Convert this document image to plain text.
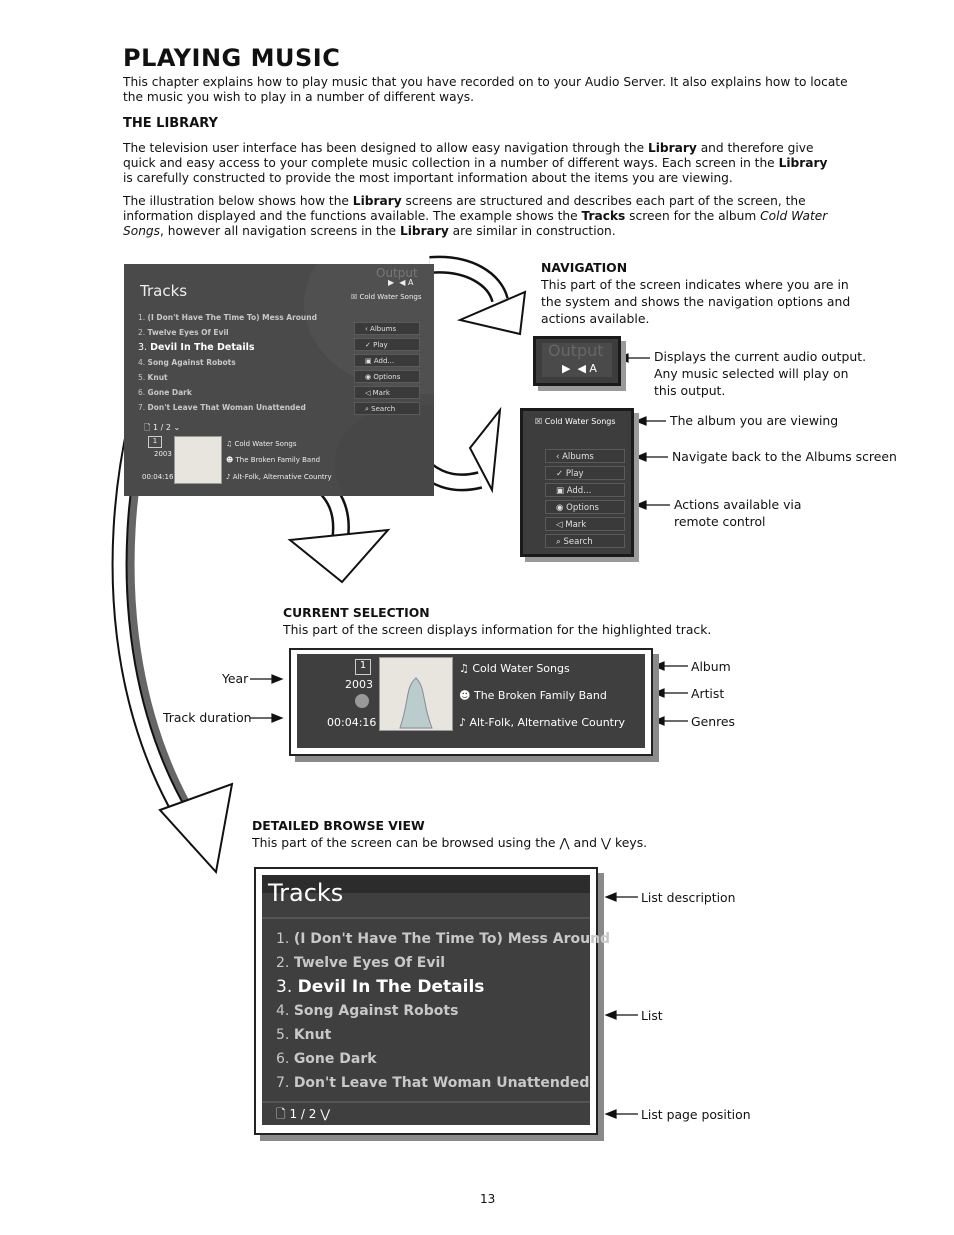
PLAYING MUSIC
This chapter explains how to play music that you have recorded on to your Audio Server. It also explains how to locate the music you wish to play in a number of different ways.
THE LIBRARY
The television user interface has been designed to allow easy navigation through the Library and therefore give quick and easy access to your complete music collection in a number of different ways. Each screen in the Library is carefully constructed to provide the most important information about the items you are viewing.
The illustration below shows how the Library screens are structured and describes each part of the screen, the information displayed and the functions available. The example shows the Tracks screen for the album Cold Water Songs, however all navigation screens in the Library are similar in construction.
Tracks
Output
▶  ◀ A
☒ Cold Water Songs
1. (I Don't Have The Time To) Mess Around
2. Twelve Eyes Of Evil
3. Devil In The Details
4. Song Against Robots
5. Knut
6. Gone Dark
7. Don't Leave That Woman Unattended
‹ Albums
✓ Play
▣ Add...
◉ Options
◁ Mark
⌕ Search
🗋 1 / 2 ⌄
1
2003
00:04:16
♫ Cold Water Songs
☻ The Broken Family Band
♪ Alt-Folk, Alternative Country
NAVIGATION
This part of the screen indicates where you are in the system and shows the navigation options and actions available.
Output
▶  ◀ A
Displays the current audio output. Any music selected will play on this output.
☒ Cold Water Songs
‹ Albums
✓ Play
▣ Add...
◉ Options
◁ Mark
⌕ Search
The album you are viewing
Navigate back to the Albums screen
Actions available via remote control
CURRENT SELECTION
This part of the screen displays information for the highlighted track.
1
2003
00:04:16
♫ Cold Water Songs
☻ The Broken Family Band
♪ Alt-Folk, Alternative Country
Year
Track duration
Album
Artist
Genres
DETAILED BROWSE VIEW
This part of the screen can be browsed using the ⋀ and ⋁ keys.
Tracks
1. (I Don't Have The Time To) Mess Around
2. Twelve Eyes Of Evil
3. Devil In The Details
4. Song Against Robots
5. Knut
6. Gone Dark
7. Don't Leave That Woman Unattended
🗋 1 / 2 ⋁
List description
List
List page position
13
